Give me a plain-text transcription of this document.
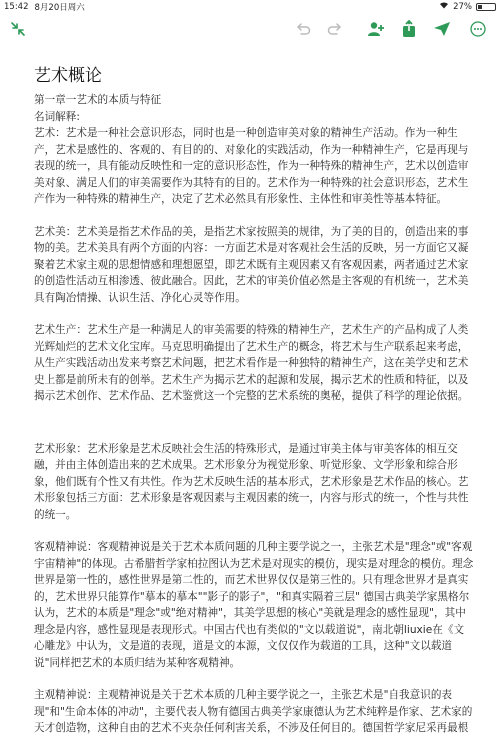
15:42 8月20日周六	27%
艺术概论
第一章一艺术的本质与特征
名词解释:
艺术：艺术是一种社会意识形态，同时也是一种创造审美对象的精神生产活动。作为一种生产，艺术是感性的、客观的、有目的的、对象化的实践活动，作为一种精神生产，它是再现与表现的统一，具有能动反映性和一定的意识形态性，作为一种特殊的精神生产，艺术以创造审美对象、满足人们的审美需要作为其特有的目的。艺术作为一种特殊的社会意识形态，艺术生产作为一种特殊的精神生产，决定了艺术必然具有形象性、主体性和审美性等基本特征。
艺术美：艺术美是指艺术作品的美，是指艺术家按照美的规律，为了美的目的，创造出来的事物的美。艺术美具有两个方面的内容：一方面艺术是对客观社会生活的反映，另一方面它又凝聚着艺术家主观的思想情感和理想愿望，即艺术既有主观因素又有客观因素，两者通过艺术家的创造性活动互相渗透、彼此融合。因此，艺术的审美价值必然是主客观的有机统一，艺术美具有陶冶情操、认识生活、净化心灵等作用。
艺术生产：艺术生产是一种满足人的审美需要的特殊的精神生产，艺术生产的产品构成了人类光辉灿烂的艺术文化宝库。马克思明确提出了艺术生产的概念，将艺术与生产联系起来考虑，从生产实践活动出发来考察艺术问题，把艺术看作是一种独特的精神生产，这在美学史和艺术史上都是前所未有的创举。艺术生产为揭示艺术的起源和发展，揭示艺术的性质和特征，以及揭示艺术创作、艺术作品、艺术鉴赏这一个完整的艺术系统的奥秘，提供了科学的理论依据。
艺术形象：艺术形象是艺术反映社会生活的特殊形式，是通过审美主体与审美客体的相互交融，并由主体创造出来的艺术成果。艺术形象分为视觉形象、听觉形象、文学形象和综合形象，他们既有个性又有共性。作为艺术反映生活的基本形式，艺术形象是艺术作品的核心。艺术形象包括三方面：艺术形象是客观因素与主观因素的统一，内容与形式的统一，个性与共性的统一。
客观精神说：客观精神说是关于艺术本质问题的几种主要学说之一，主张艺术是"理念"或"客观宇宙精神"的体现。古希腊哲学家柏拉图认为艺术是对现实的模仿，现实是对理念的模仿。理念世界是第一性的，感性世界是第二性的，而艺术世界仅仅是第三性的。只有理念世界才是真实的，艺术世界只能算作"摹本的摹本""影子的影子"，"和真实隔着三层" 德国古典美学家黑格尔认为，艺术的本质是"理念"或"绝对精神"，其美学思想的核心"美就是理念的感性显现"，其中理念是内容，感性显现是表现形式。中国古代也有类似的"文以载道说"，南北朝liuxie在《文心雕龙》中认为，文是道的表现，道是文的本源，文仅仅作为载道的工具，这种"文以载道说"同样把艺术的本质归结为某种客观精神。
主观精神说：主观精神说是关于艺术本质的几种主要学说之一，主张艺术是"自我意识的表现"和"生命本体的冲动"，主要代表人物有德国古典美学家康德认为艺术纯粹是作家、艺术家的天才创造物，这种自由的艺术不夹杂任何利害关系，不涉及任何目的。德国哲学家尼采再最根
